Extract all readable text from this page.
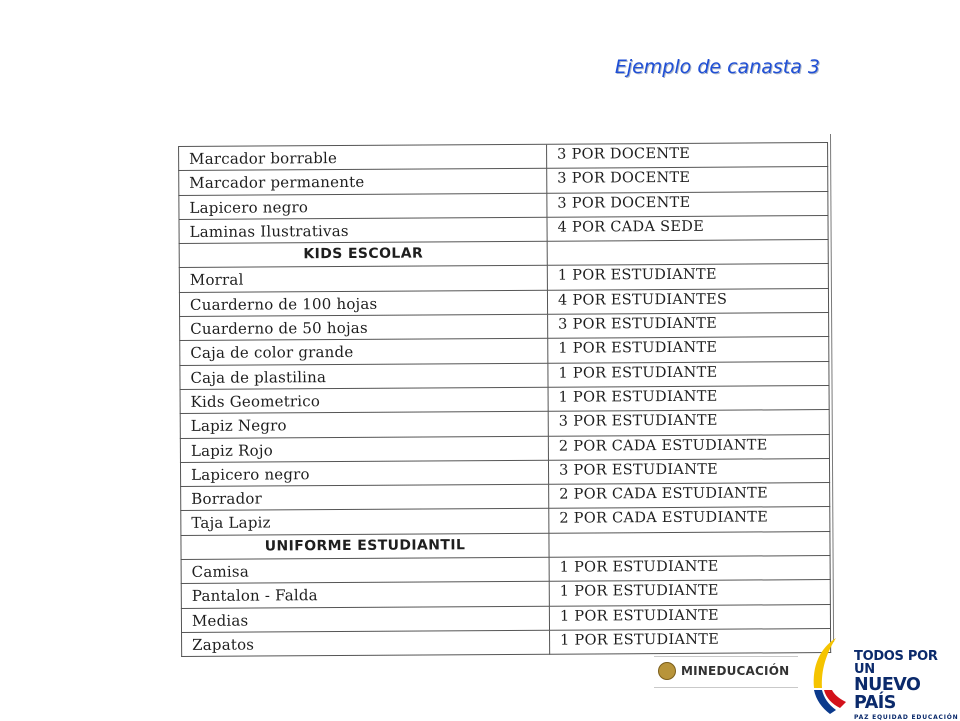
Ejemplo de canasta 3
Marcador borrable	3 POR DOCENTE
Marcador permanente	3 POR DOCENTE
Lapicero negro	3 POR DOCENTE
Laminas Ilustrativas	4 POR CADA SEDE
KIDS ESCOLAR
Morral	1 POR ESTUDIANTE
Cuarderno de 100 hojas	4 POR ESTUDIANTES
Cuarderno de 50 hojas	3 POR ESTUDIANTE
Caja de color grande	1 POR ESTUDIANTE
Caja de plastilina	1 POR ESTUDIANTE
Kids Geometrico	1 POR ESTUDIANTE
Lapiz Negro	3 POR ESTUDIANTE
Lapiz Rojo	2 POR CADA ESTUDIANTE
Lapicero negro	3 POR ESTUDIANTE
Borrador	2 POR CADA ESTUDIANTE
Taja Lapiz	2 POR CADA ESTUDIANTE
UNIFORME ESTUDIANTIL
Camisa	1 POR ESTUDIANTE
Pantalon - Falda	1 POR ESTUDIANTE
Medias	1 POR ESTUDIANTE
Zapatos	1 POR ESTUDIANTE
MINEDUCACIÓN
TODOS POR UN
NUEVO PAÍS
PAZ EQUIDAD EDUCACIÓN
